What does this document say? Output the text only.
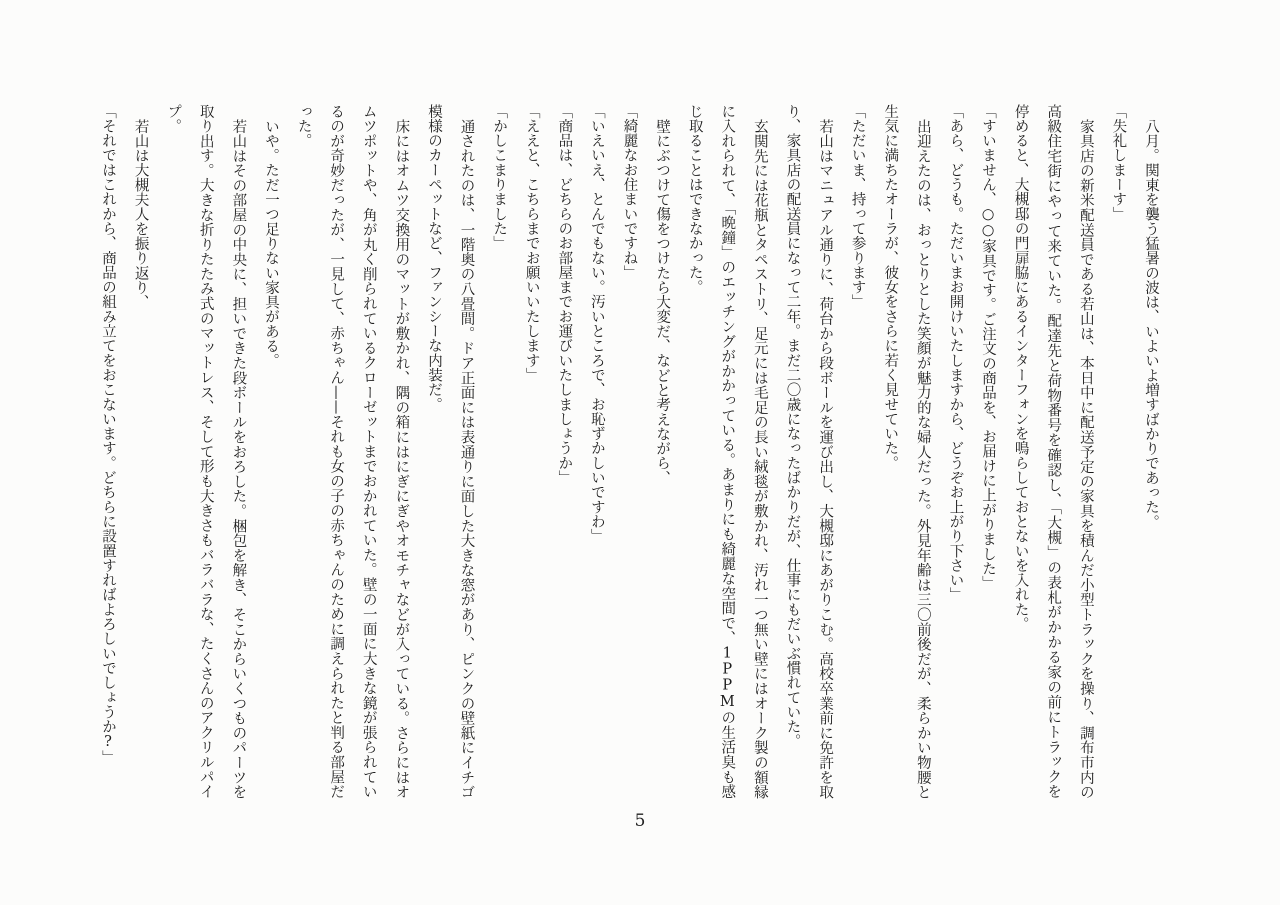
八月。関東を襲う猛暑の波は、いよいよ増すばかりであった。

「失礼しまーす」

家具店の新米配送員である若山は、本日中に配送予定の家具を積んだ小型トラックを操り、調布市内の高級住宅街にやって来ていた。配達先と荷物番号を確認し、「大槻」の表札がかかる家の前にトラックを停めると、大槻邸の門扉脇にあるインターフォンを鳴らしておとないを入れた。

「すいません、○○家具です。ご注文の商品を、お届けに上がりました」

「あら、どうも。ただいまお開けいたしますから、どうぞお上がり下さい」

出迎えたのは、おっとりとした笑顔が魅力的な婦人だった。外見年齢は三〇前後だが、柔らかい物腰と生気に満ちたオーラが、彼女をさらに若く見せていた。

「ただいま、持って参ります」

若山はマニュアル通りに、荷台から段ボールを運び出し、大槻邸にあがりこむ。高校卒業前に免許を取り、家具店の配送員になって二年。まだ二〇歳になったばかりだが、仕事にもだいぶ慣れていた。

玄関先には花瓶とタペストリ、足元には毛足の長い絨毯が敷かれ、汚れ一つ無い壁にはオーク製の額縁に入れられて、「晩鐘」のエッチングがかかっている。あまりにも綺麗な空間で、1PPMの生活臭も感じ取ることはできなかった。

壁にぶつけて傷をつけたら大変だ、などと考えながら、

「綺麗なお住まいですね」

「いえいえ、とんでもない。汚いところで、お恥ずかしいですわ」

「商品は、どちらのお部屋までお運びいたしましょうか」

「ええと、こちらまでお願いいたします」

「かしこまりました」

通されたのは、一階奥の八畳間。ドア正面には表通りに面した大きな窓があり、ピンクの壁紙にイチゴ模様のカーペットなど、ファンシーな内装だ。

床にはオムツ交換用のマットが敷かれ、隅の箱にはにぎにぎやオモチャなどが入っている。さらにはオムツポットや、角が丸く削られているクローゼットまでおかれていた。壁の一面に大きな鏡が張られているのが奇妙だったが、一見して、赤ちゃん——それも女の子の赤ちゃんのために調えられたと判る部屋だった。

いや。ただ一つ足りない家具がある。

若山はその部屋の中央に、担いできた段ボールをおろした。梱包を解き、そこからいくつものパーツを取り出す。大きな折りたたみ式のマットレス、そして形も大きさもバラバラな、たくさんのアクリルパイプ。

若山は大槻夫人を振り返り、

「それではこれから、商品の組み立てをおこないます。どちらに設置すればよろしいでしょうか?」

5
